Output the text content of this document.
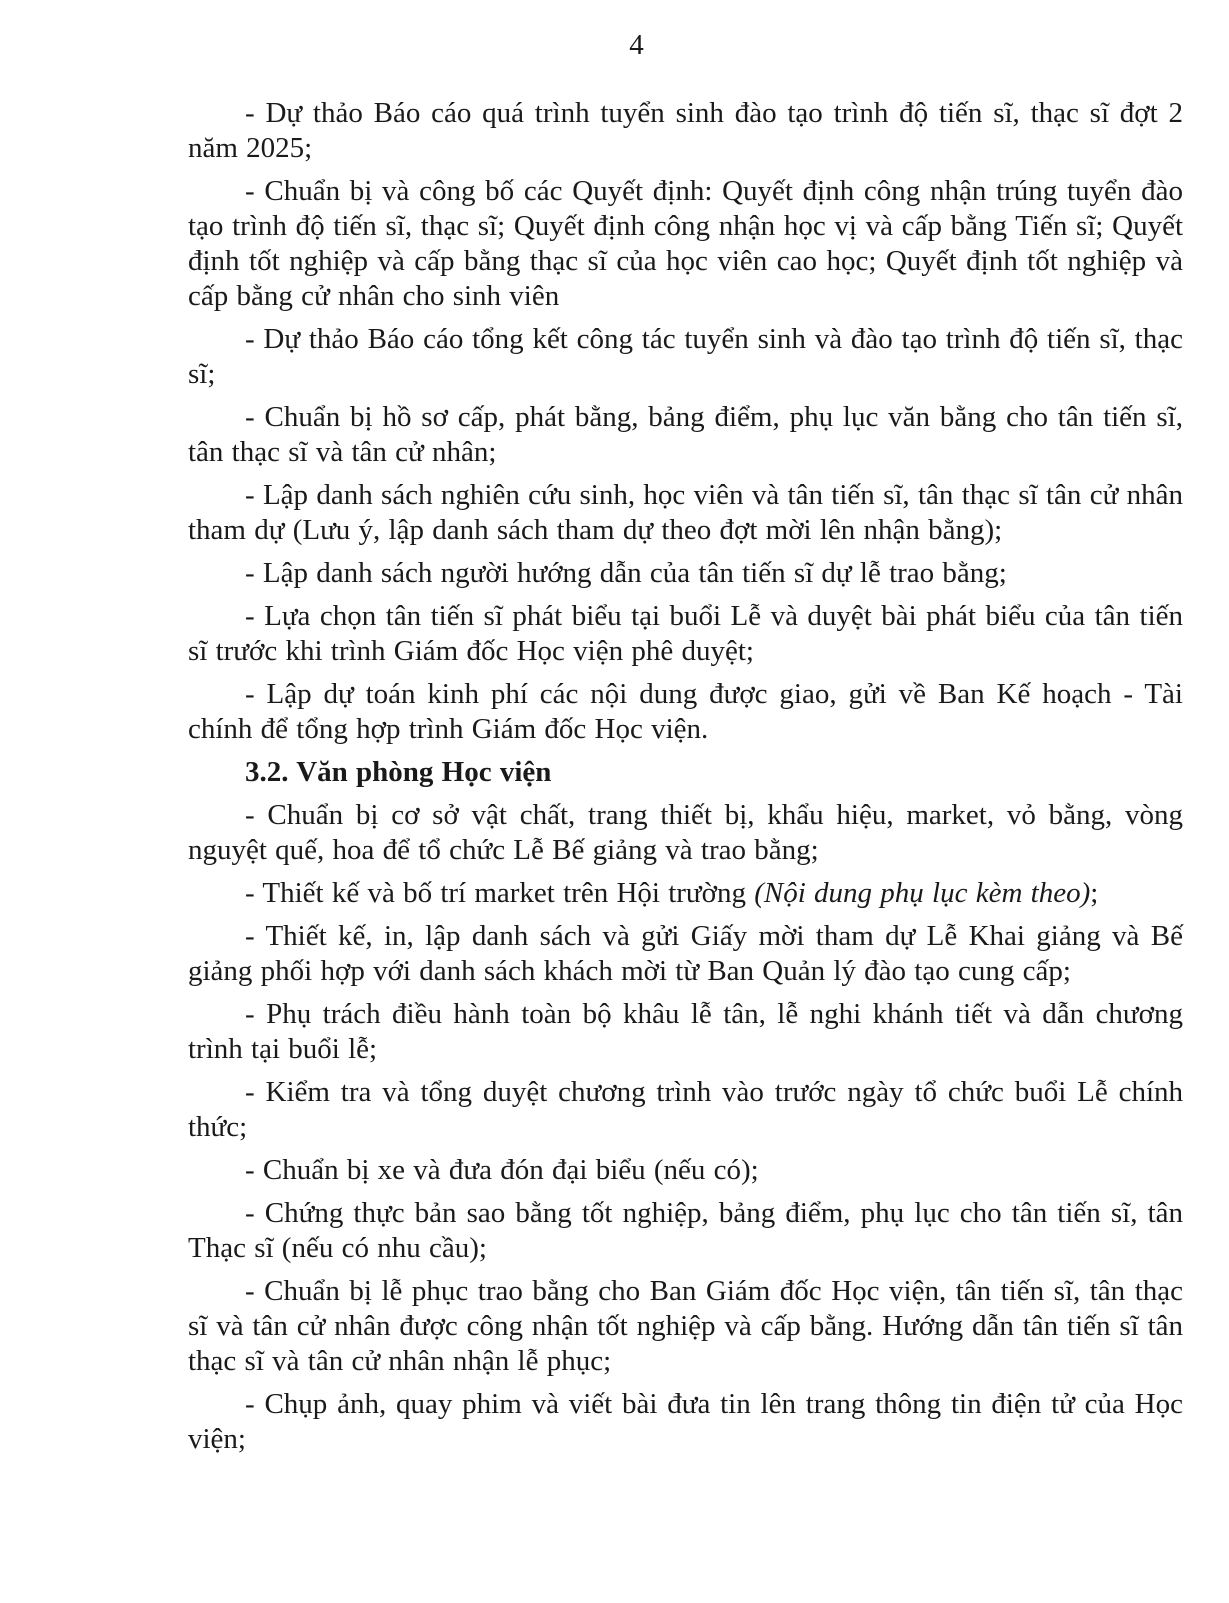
4

- Dự thảo Báo cáo quá trình tuyển sinh đào tạo trình độ tiến sĩ, thạc sĩ đợt 2 năm 2025;

- Chuẩn bị và công bố các Quyết định: Quyết định công nhận trúng tuyển đào tạo trình độ tiến sĩ, thạc sĩ; Quyết định công nhận học vị và cấp bằng Tiến sĩ; Quyết định tốt nghiệp và cấp bằng thạc sĩ của học viên cao học; Quyết định tốt nghiệp và cấp bằng cử nhân cho sinh viên

- Dự thảo Báo cáo tổng kết công tác tuyển sinh và đào tạo trình độ tiến sĩ, thạc sĩ;

- Chuẩn bị hồ sơ cấp, phát bằng, bảng điểm, phụ lục văn bằng cho tân tiến sĩ, tân thạc sĩ và tân cử nhân;

- Lập danh sách nghiên cứu sinh, học viên và tân tiến sĩ, tân thạc sĩ tân cử nhân tham dự (Lưu ý, lập danh sách tham dự theo đợt mời lên nhận bằng);

- Lập danh sách người hướng dẫn của tân tiến sĩ dự lễ trao bằng;

- Lựa chọn tân tiến sĩ phát biểu tại buổi Lễ và duyệt bài phát biểu của tân tiến sĩ trước khi trình Giám đốc Học viện phê duyệt;

- Lập dự toán kinh phí các nội dung được giao, gửi về Ban Kế hoạch - Tài chính để tổng hợp trình Giám đốc Học viện.

3.2. Văn phòng Học viện

- Chuẩn bị cơ sở vật chất, trang thiết bị, khẩu hiệu, market, vỏ bằng, vòng nguyệt quế, hoa để tổ chức Lễ Bế giảng và trao bằng;

- Thiết kế và bố trí market trên Hội trường (Nội dung phụ lục kèm theo);

- Thiết kế, in, lập danh sách và gửi Giấy mời tham dự Lễ Khai giảng và Bế giảng phối hợp với danh sách khách mời từ Ban Quản lý đào tạo cung cấp;

- Phụ trách điều hành toàn bộ khâu lễ tân, lễ nghi khánh tiết và dẫn chương trình tại buổi lễ;

- Kiểm tra và tổng duyệt chương trình vào trước ngày tổ chức buổi Lễ chính thức;

- Chuẩn bị xe và đưa đón đại biểu (nếu có);

- Chứng thực bản sao bằng tốt nghiệp, bảng điểm, phụ lục cho tân tiến sĩ, tân Thạc sĩ (nếu có nhu cầu);

- Chuẩn bị lễ phục trao bằng cho Ban Giám đốc Học viện, tân tiến sĩ, tân thạc sĩ và tân cử nhân được công nhận tốt nghiệp và cấp bằng. Hướng dẫn tân tiến sĩ tân thạc sĩ và tân cử nhân nhận lễ phục;

- Chụp ảnh, quay phim và viết bài đưa tin lên trang thông tin điện tử của Học viện;
